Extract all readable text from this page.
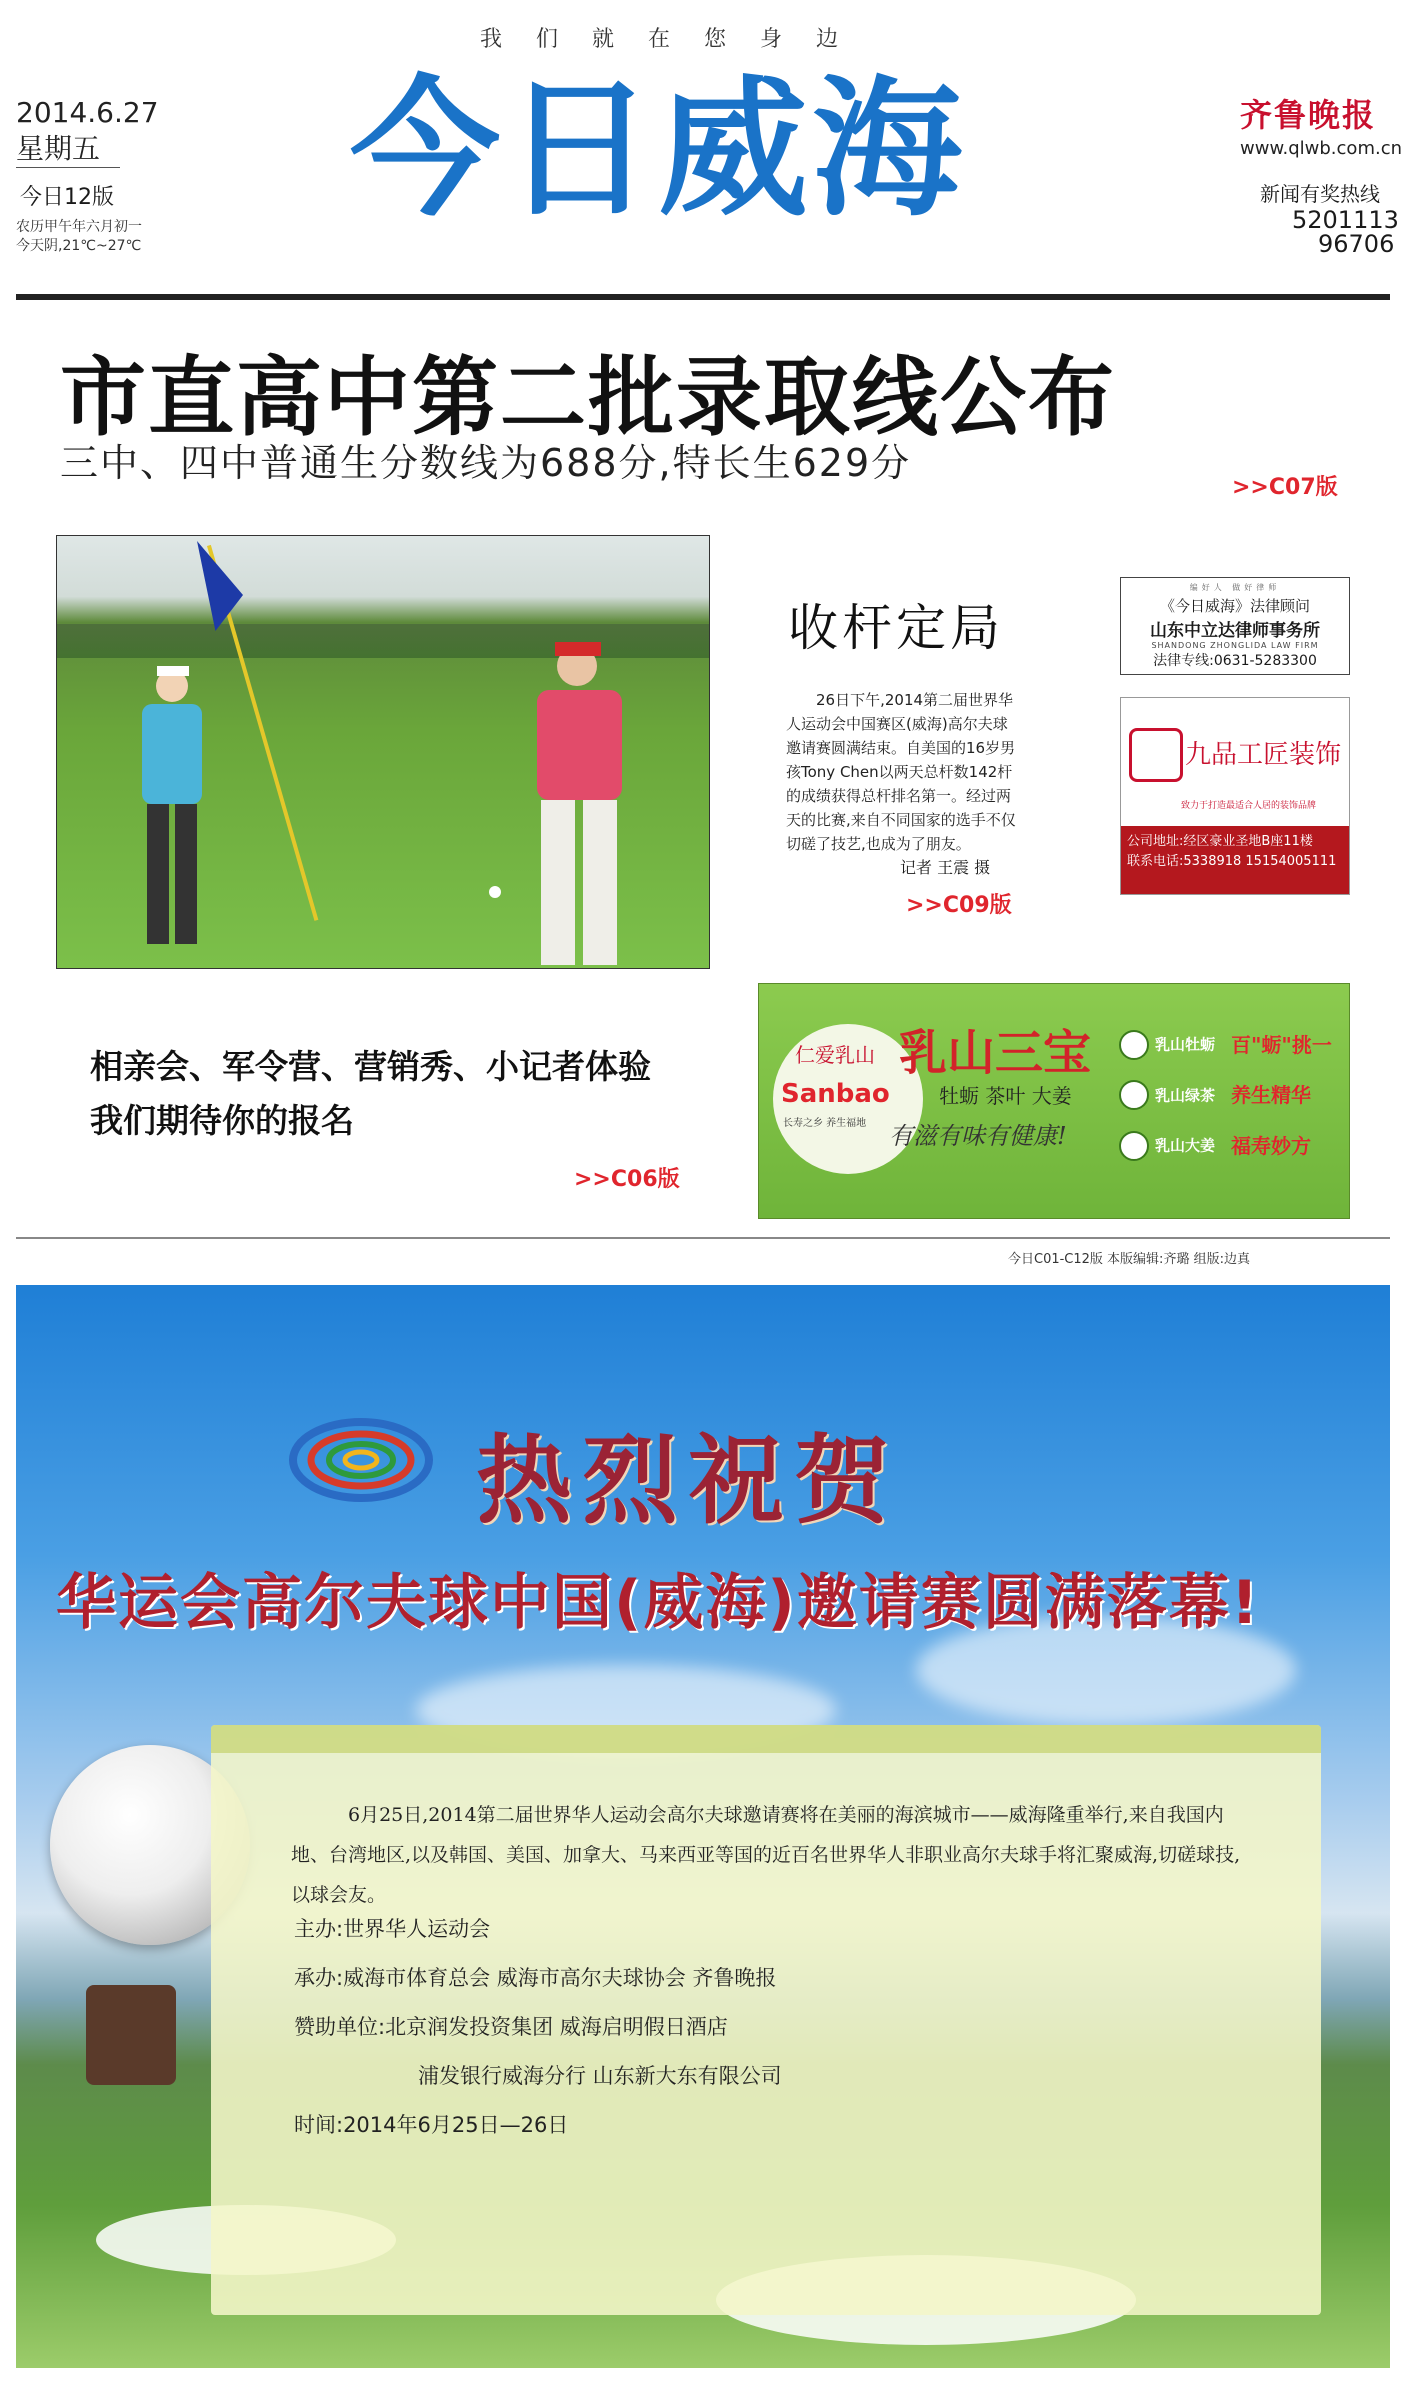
我们就在您身边
2014.6.27
星期五
今日12版
农历甲午年六月初一
今天阴,21℃~27℃
今日威海	齐鲁晚报
www.qlwb.com.cn
新闻有奖热线
5201113
96706
市直高中第二批录取线公布
三中、四中普通生分数线为688分,特长生629分
>>C07版
收杆定局
26日下午,2014第二届世界华人运动会中国赛区(威海)高尔夫球邀请赛圆满结束。自美国的16岁男孩Tony Chen以两天总杆数142杆的成绩获得总杆排名第一。经过两天的比赛,来自不同国家的选手不仅切磋了技艺,也成为了朋友。
记者 王震 摄
>>C09版
编好人 做好律师
《今日威海》法律顾问
山东中立达律师事务所
SHANDONG ZHONGLIDA LAW FIRM
法律专线:0631-5283300
九品工匠装饰
致力于打造最适合人居的装饰品牌
公司地址:经区豪业圣地B座11楼
联系电话:5338918 15154005111
相亲会、军令营、营销秀、小记者体验
我们期待你的报名
>>C06版
仁爱乳山
Sanbao
长寿之乡 养生福地
乳山三宝
牡蛎 茶叶 大姜
有滋有味有健康!
乳山牡蛎 百"蛎"挑一
乳山绿茶 养生精华
乳山大姜 福寿妙方
今日C01-C12版 本版编辑:齐璐 组版:边真
热烈祝贺
华运会高尔夫球中国(威海)邀请赛圆满落幕!
6月25日,2014第二届世界华人运动会高尔夫球邀请赛将在美丽的海滨城市——威海隆重举行,来自我国内地、台湾地区,以及韩国、美国、加拿大、马来西亚等国的近百名世界华人非职业高尔夫球手将汇聚威海,切磋球技,以球会友。
主办:世界华人运动会
承办:威海市体育总会 威海市高尔夫球协会 齐鲁晚报
赞助单位:北京润发投资集团 威海启明假日酒店
浦发银行威海分行 山东新大东有限公司
时间:2014年6月25日—26日
